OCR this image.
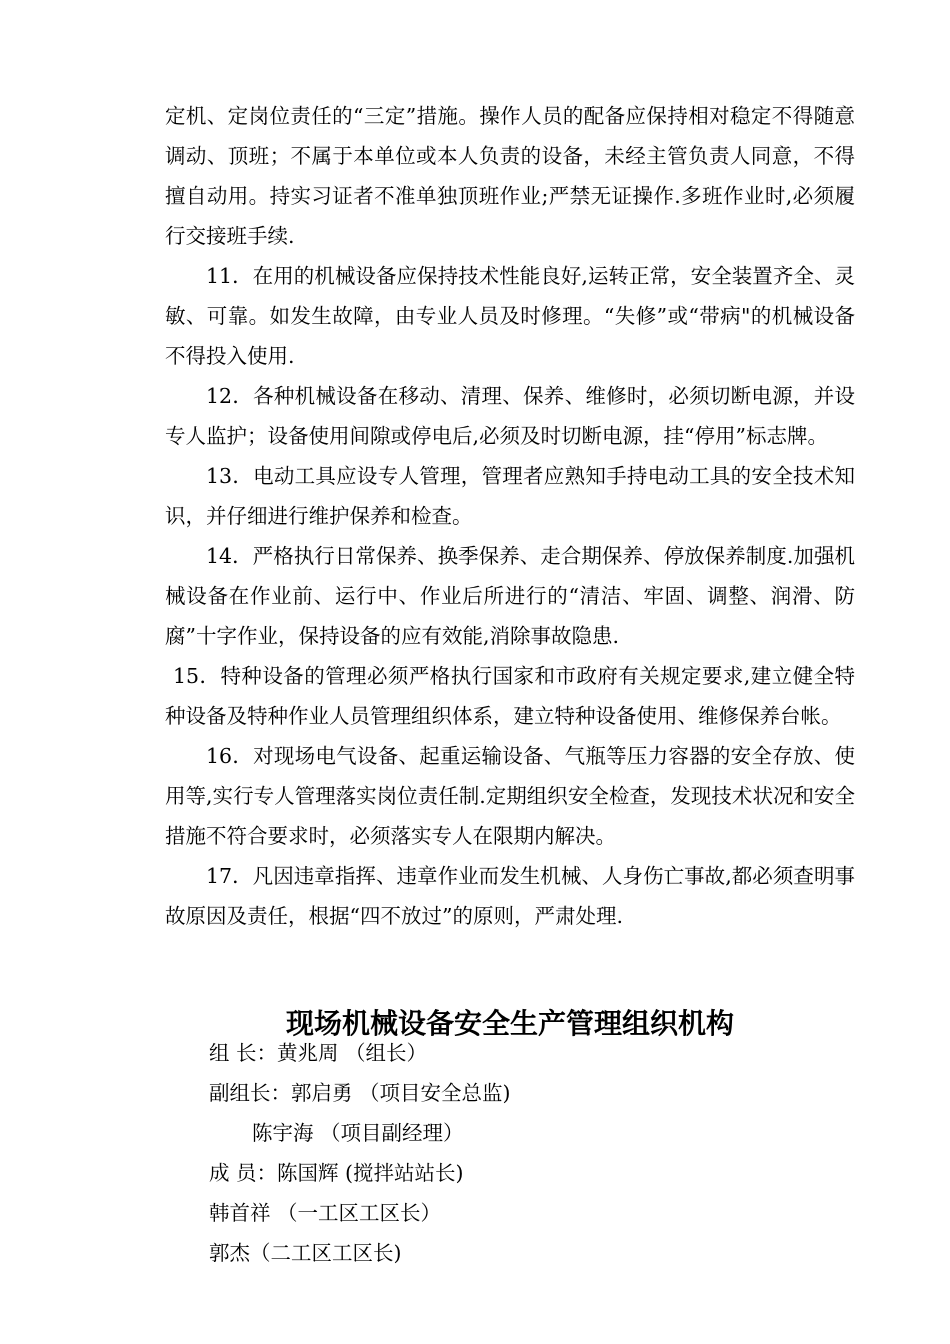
定机、定岗位责任的“三定”措施。操作人员的配备应保持相对稳定不得随意调动、顶班；不属于本单位或本人负责的设备，未经主管负责人同意，不得擅自动用。持实习证者不准单独顶班作业;严禁无证操作.多班作业时,必须履行交接班手续.

11．在用的机械设备应保持技术性能良好,运转正常，安全装置齐全、灵敏、可靠。如发生故障，由专业人员及时修理。“失修”或“带病"的机械设备不得投入使用.

12．各种机械设备在移动、清理、保养、维修时，必须切断电源，并设专人监护；设备使用间隙或停电后,必须及时切断电源，挂“停用”标志牌。

13．电动工具应设专人管理，管理者应熟知手持电动工具的安全技术知识，并仔细进行维护保养和检查。

14．严格执行日常保养、换季保养、走合期保养、停放保养制度.加强机械设备在作业前、运行中、作业后所进行的“清洁、牢固、调整、润滑、防腐”十字作业，保持设备的应有效能,消除事故隐患.

15．特种设备的管理必须严格执行国家和市政府有关规定要求,建立健全特种设备及特种作业人员管理组织体系，建立特种设备使用、维修保养台帐。

16．对现场电气设备、起重运输设备、气瓶等压力容器的安全存放、使用等,实行专人管理落实岗位责任制.定期组织安全检查，发现技术状况和安全措施不符合要求时，必须落实专人在限期内解决。

17．凡因违章指挥、违章作业而发生机械、人身伤亡事故,都必须查明事故原因及责任，根据“四不放过”的原则，严肃处理.

现场机械设备安全生产管理组织机构
组 长：黄兆周 （组长）
副组长：郭启勇 （项目安全总监)
陈宇海 （项目副经理）
成 员：陈国辉 (搅拌站站长)
韩首祥 （一工区工区长）
郭杰（二工区工区长)
